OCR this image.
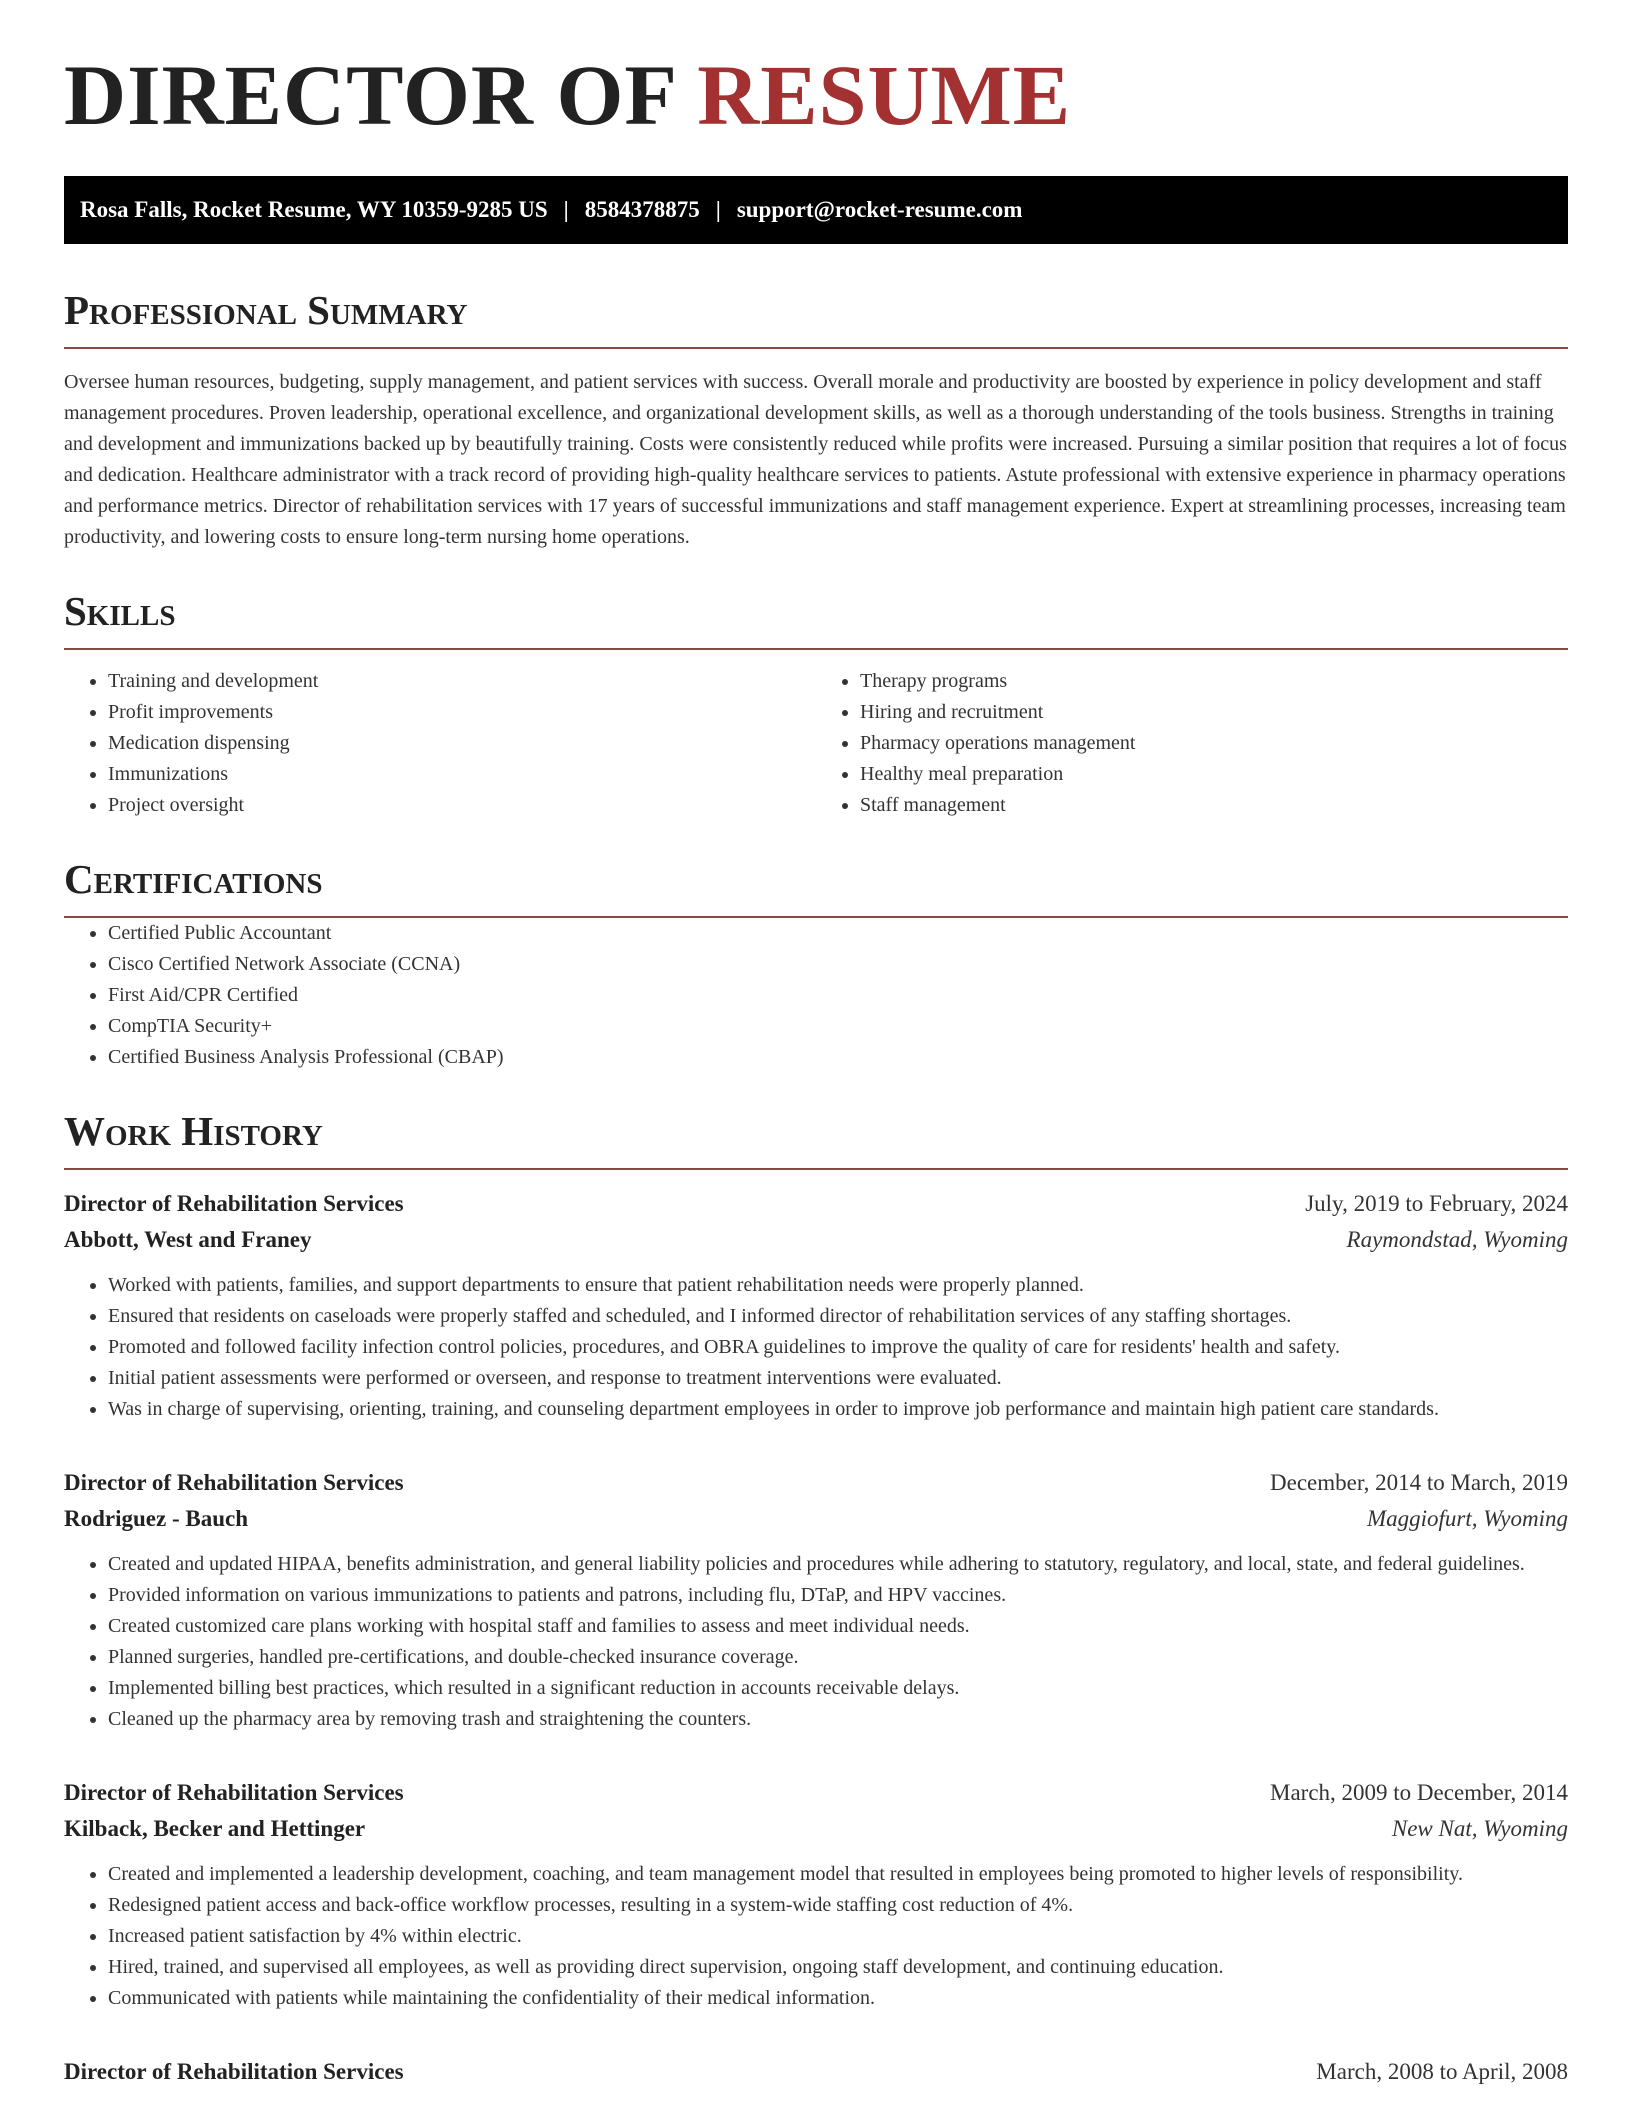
DIRECTOR OF RESUME
Rosa Falls, Rocket Resume, WY 10359-9285 US | 8584378875 | support@rocket-resume.com
Professional Summary

Oversee human resources, budgeting, supply management, and patient services with success. Overall morale and productivity are boosted by experience in policy development and staff management procedures. Proven leadership, operational excellence, and organizational development skills, as well as a thorough understanding of the tools business. Strengths in training and development and immunizations backed up by beautifully training. Costs were consistently reduced while profits were increased. Pursuing a similar position that requires a lot of focus and dedication. Healthcare administrator with a track record of providing high-quality healthcare services to patients. Astute professional with extensive experience in pharmacy operations and performance metrics. Director of rehabilitation services with 17 years of successful immunizations and staff management experience. Expert at streamlining processes, increasing team productivity, and lowering costs to ensure long-term nursing home operations.

Skills
• Training and development
• Profit improvements
• Medication dispensing
• Immunizations
• Project oversight
• Therapy programs
• Hiring and recruitment
• Pharmacy operations management
• Healthy meal preparation
• Staff management
Certifications
• Certified Public Accountant
• Cisco Certified Network Associate (CCNA)
• First Aid/CPR Certified
• CompTIA Security+
• Certified Business Analysis Professional (CBAP)
Work History
Director of Rehabilitation Services	July, 2019 to February, 2024
Abbott, West and Franey	Raymondstad, Wyoming
• Worked with patients, families, and support departments to ensure that patient rehabilitation needs were properly planned.
• Ensured that residents on caseloads were properly staffed and scheduled, and I informed director of rehabilitation services of any staffing shortages.
• Promoted and followed facility infection control policies, procedures, and OBRA guidelines to improve the quality of care for residents' health and safety.
• Initial patient assessments were performed or overseen, and response to treatment interventions were evaluated.
• Was in charge of supervising, orienting, training, and counseling department employees in order to improve job performance and maintain high patient care standards.
Director of Rehabilitation Services	December, 2014 to March, 2019
Rodriguez - Bauch	Maggiofurt, Wyoming
• Created and updated HIPAA, benefits administration, and general liability policies and procedures while adhering to statutory, regulatory, and local, state, and federal guidelines.
• Provided information on various immunizations to patients and patrons, including flu, DTaP, and HPV vaccines.
• Created customized care plans working with hospital staff and families to assess and meet individual needs.
• Planned surgeries, handled pre-certifications, and double-checked insurance coverage.
• Implemented billing best practices, which resulted in a significant reduction in accounts receivable delays.
• Cleaned up the pharmacy area by removing trash and straightening the counters.
Director of Rehabilitation Services	March, 2009 to December, 2014
Kilback, Becker and Hettinger	New Nat, Wyoming
• Created and implemented a leadership development, coaching, and team management model that resulted in employees being promoted to higher levels of responsibility.
• Redesigned patient access and back-office workflow processes, resulting in a system-wide staffing cost reduction of 4%.
• Increased patient satisfaction by 4% within electric.
• Hired, trained, and supervised all employees, as well as providing direct supervision, ongoing staff development, and continuing education.
• Communicated with patients while maintaining the confidentiality of their medical information.
Director of Rehabilitation Services	March, 2008 to April, 2008
